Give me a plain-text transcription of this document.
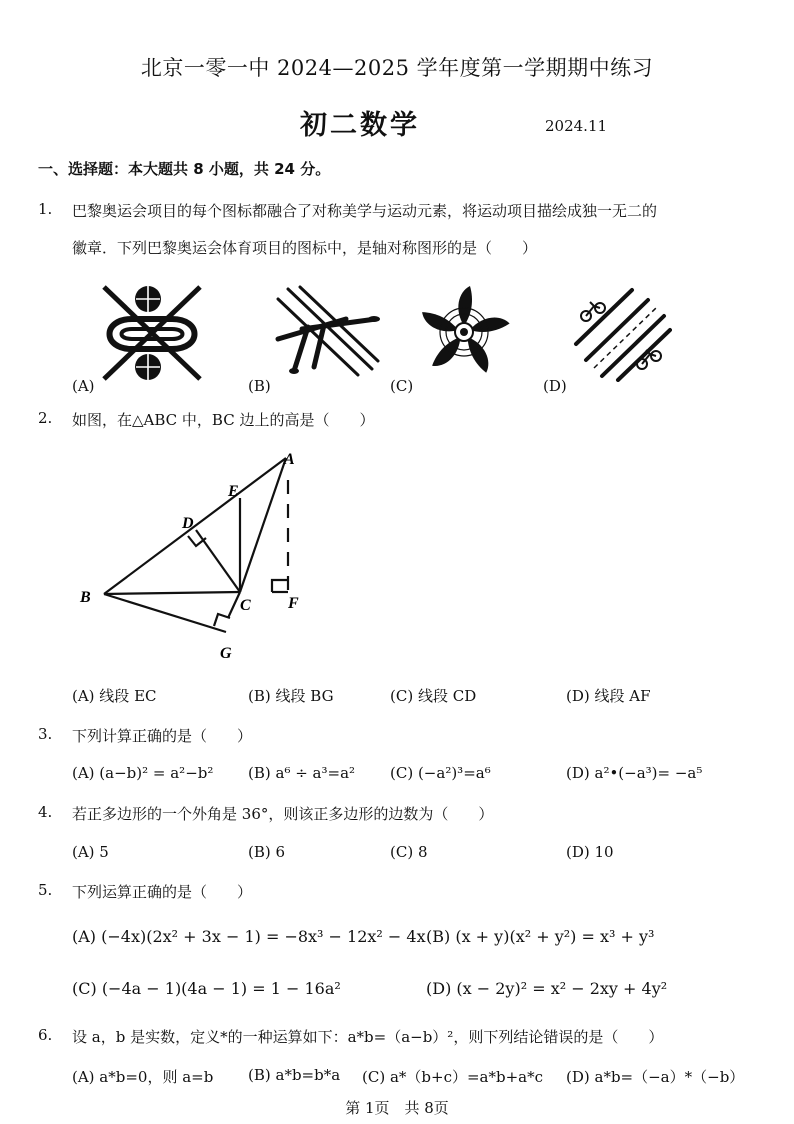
北京一零一中 2024—2025 学年度第一学期期中练习
初二数学	2024.11
一、选择题：本大题共 8 小题，共 24 分。
1. 巴黎奥运会项目的每个图标都融合了对称美学与运动元素，将运动项目描绘成独一无二的
徽章．下列巴黎奥运会体育项目的图标中，是轴对称图形的是（　　）
(A)	(B)	(C)	(D)
2. 如图，在△ABC 中，BC 边上的高是（　　）
A
E
D
B	C F
G
(A) 线段 EC	(B) 线段 BG	(C) 线段 CD	(D) 线段 AF
3. 下列计算正确的是（　　）
(A) (a−b)² = a²−b² (B) a⁶ ÷ a³=a² (C) (−a²)³=a⁶	(D) a²•(−a³)= −a⁵
4. 若正多边形的一个外角是 36°，则该正多边形的边数为（　　）
(A) 5	(B) 6	(C) 8	(D) 10
5. 下列运算正确的是（　　）
(A) (−4x)(2x² + 3x − 1) = −8x³ − 12x² − 4x (B) (x + y)(x² + y²) = x³ + y³
(C) (−4a − 1)(4a − 1) = 1 − 16a²	(D) (x − 2y)² = x² − 2xy + 4y²
6. 设 a，b 是实数，定义*的一种运算如下：a*b=（a−b）²，则下列结论错误的是（　　）
(A) a*b=0，则 a=b (B) a*b=b*a (C) a*（b+c）=a*b+a*c (D) a*b=（−a）*（−b）
第 1页　共 8页
